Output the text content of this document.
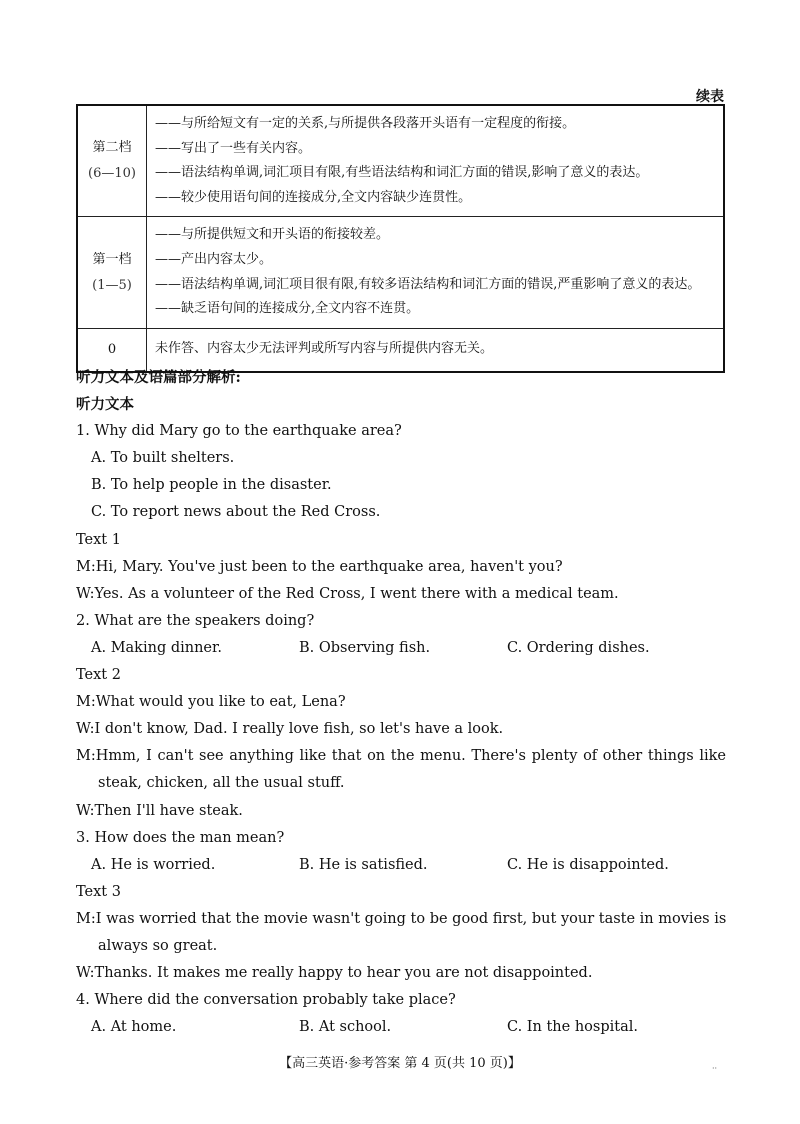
续表
第二档
(6—10)	——与所给短文有一定的关系,与所提供各段落开头语有一定程度的衔接。
——写出了一些有关内容。
——语法结构单调,词汇项目有限,有些语法结构和词汇方面的错误,影响了意义的表达。
——较少使用语句间的连接成分,全文内容缺少连贯性。

第一档
(1—5)	——与所提供短文和开头语的衔接较差。
——产出内容太少。
——语法结构单调,词汇项目很有限,有较多语法结构和词汇方面的错误,严重影响了意义的表达。
——缺乏语句间的连接成分,全文内容不连贯。

0	未作答、内容太少无法评判或所写内容与所提供内容无关。
听力文本及语篇部分解析:
听力文本
1. Why did Mary go to the earthquake area?
A. To built shelters.
B. To help people in the disaster.
C. To report news about the Red Cross.
Text 1
M:Hi, Mary. You've just been to the earthquake area, haven't you?
W:Yes. As a volunteer of the Red Cross, I went there with a medical team.
2. What are the speakers doing?
A. Making dinner.	B. Observing fish.	C. Ordering dishes.
Text 2
M:What would you like to eat, Lena?
W:I don't know, Dad. I really love fish, so let's have a look.
M:Hmm, I can't see anything like that on the menu. There's plenty of other things like
steak, chicken, all the usual stuff.
W:Then I'll have steak.
3. How does the man mean?
A. He is worried.	B. He is satisfied.	C. He is disappointed.
Text 3
M:I was worried that the movie wasn't going to be good first, but your taste in movies is
always so great.
W:Thanks. It makes me really happy to hear you are not disappointed.
4. Where did the conversation probably take place?
A. At home.	B. At school.	C. In the hospital.
【高三英语·参考答案 第 4 页(共 10 页)】	··
